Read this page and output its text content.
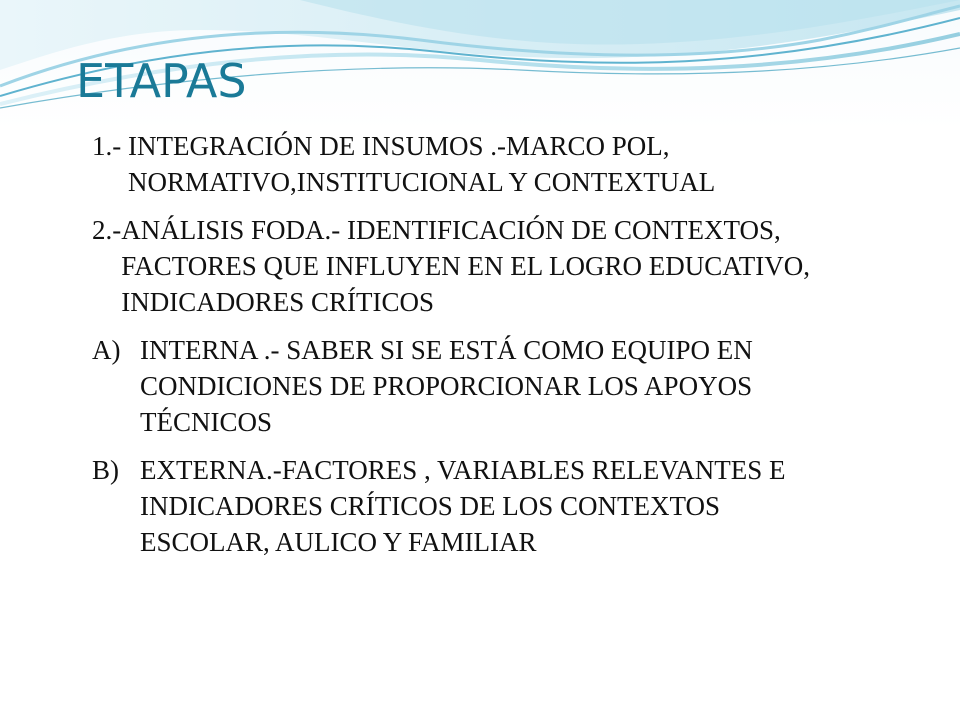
ETAPAS
1.- INTEGRACIÓN DE INSUMOS .-MARCO POL, NORMATIVO,INSTITUCIONAL Y CONTEXTUAL
2.- ANÁLISIS FODA.- IDENTIFICACIÓN DE CONTEXTOS, FACTORES QUE INFLUYEN EN EL LOGRO EDUCATIVO, INDICADORES CRÍTICOS
A) INTERNA .- SABER SI SE ESTÁ COMO EQUIPO EN CONDICIONES DE PROPORCIONAR LOS APOYOS TÉCNICOS
B) EXTERNA.-FACTORES , VARIABLES RELEVANTES E INDICADORES CRÍTICOS DE LOS CONTEXTOS ESCOLAR, AULICO Y FAMILIAR
